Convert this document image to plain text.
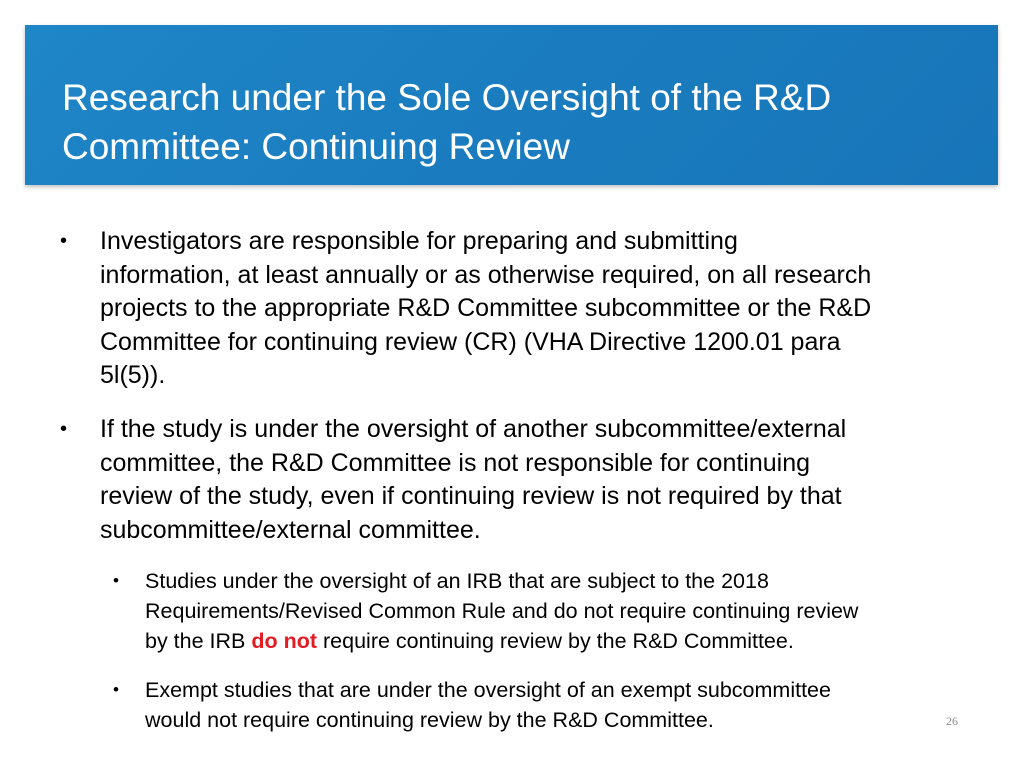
Research under the Sole Oversight of the R&D
Committee: Continuing Review
• Investigators are responsible for preparing and submitting
information, at least annually or as otherwise required, on all research
projects to the appropriate R&D Committee subcommittee or the R&D
Committee for continuing review (CR) (VHA Directive 1200.01 para
5l(5)).
• If the study is under the oversight of another subcommittee/external
committee, the R&D Committee is not responsible for continuing
review of the study, even if continuing review is not required by that
subcommittee/external committee.
• Studies under the oversight of an IRB that are subject to the 2018
Requirements/Revised Common Rule and do not require continuing review
by the IRB do not require continuing review by the R&D Committee.
• Exempt studies that are under the oversight of an exempt subcommittee
would not require continuing review by the R&D Committee.	26
